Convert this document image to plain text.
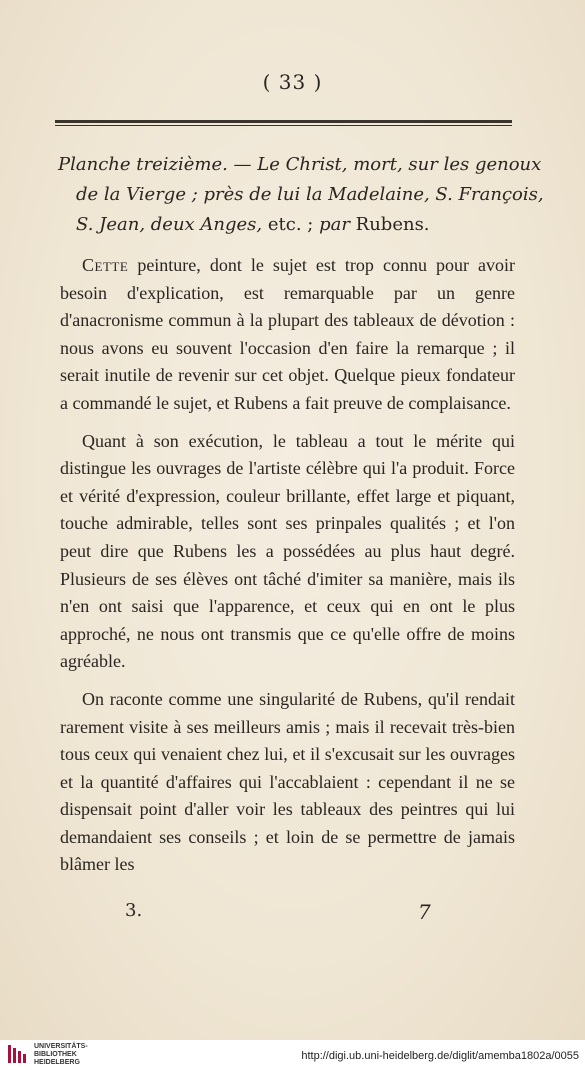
( 33 )
Planche treizième. — Le Christ, mort, sur les genoux
de la Vierge ; près de lui la Madelaine, S. François,
S. Jean, deux Anges, etc. ; par Rubens.

Cette peinture, dont le sujet est trop connu pour avoir besoin d'explication, est remarquable par un genre d'anacronisme commun à la plupart des tableaux de dévotion : nous avons eu souvent l'occasion d'en faire la remarque ; il serait inutile de revenir sur cet objet. Quelque pieux fondateur a commandé le sujet, et Rubens a fait preuve de complaisance.

Quant à son exécution, le tableau a tout le mérite qui distingue les ouvrages de l'artiste célèbre qui l'a produit. Force et vérité d'expression, couleur brillante, effet large et piquant, touche admirable, telles sont ses prinpales qualités ; et l'on peut dire que Rubens les a possédées au plus haut degré. Plusieurs de ses élèves ont tâché d'imiter sa manière, mais ils n'en ont saisi que l'apparence, et ceux qui en ont le plus approché, ne nous ont transmis que ce qu'elle offre de moins agréable.

On raconte comme une singularité de Rubens, qu'il rendait rarement visite à ses meilleurs amis ; mais il recevait très-bien tous ceux qui venaient chez lui, et il s'excusait sur les ouvrages et la quantité d'affaires qui l'accablaient : cependant il ne se dispensait point d'aller voir les tableaux des peintres qui lui demandaient ses conseils ; et loin de se permettre de jamais blâmer les

3.	7
UNIVERSITÄTS-
BIBLIOTHEK
HEIDELBERG
http://digi.ub.uni-heidelberg.de/diglit/amemba1802a/0055
